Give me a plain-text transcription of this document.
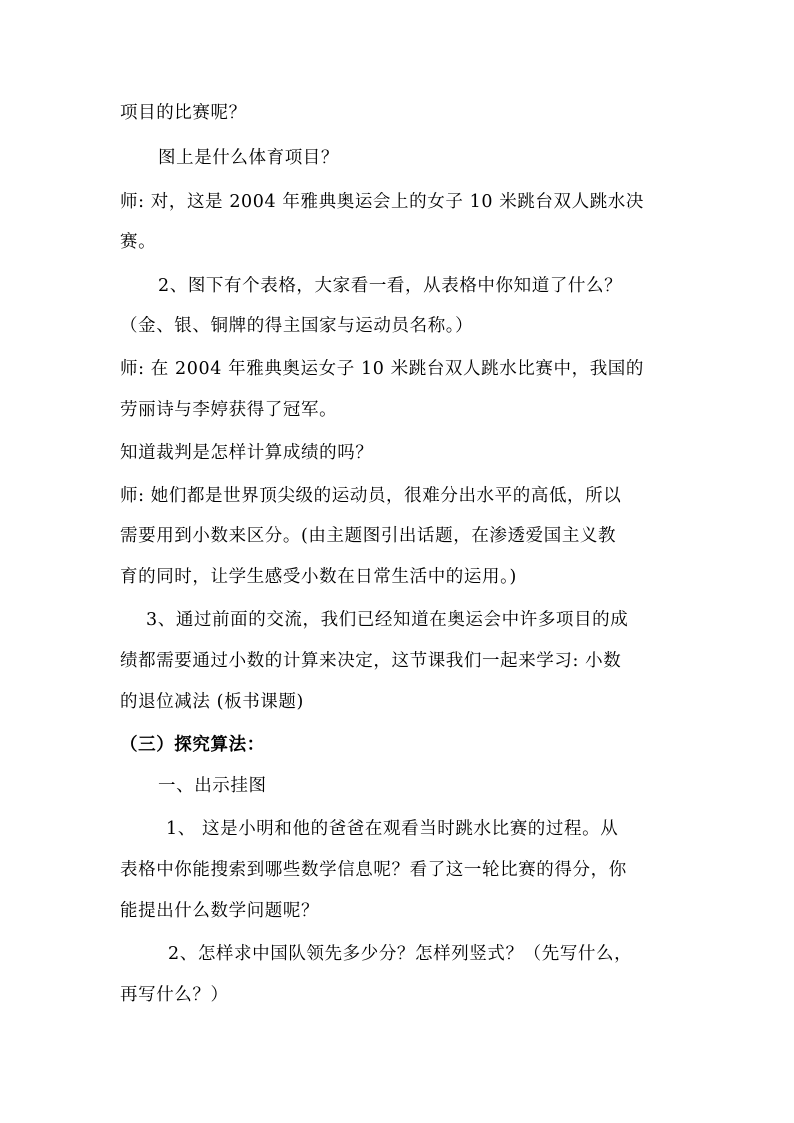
项目的比赛呢？
图上是什么体育项目？
师: 对，这是 2004 年雅典奥运会上的女子 10 米跳台双人跳水决
赛。
2、图下有个表格，大家看一看，从表格中你知道了什么？
（金、银、铜牌的得主国家与运动员名称。）
师: 在 2004 年雅典奥运女子 10 米跳台双人跳水比赛中，我国的
劳丽诗与李婷获得了冠军。
知道裁判是怎样计算成绩的吗？
师: 她们都是世界顶尖级的运动员，很难分出水平的高低，所以
需要用到小数来区分。(由主题图引出话题，在渗透爱国主义教
育的同时，让学生感受小数在日常生活中的运用。)
3、通过前面的交流，我们已经知道在奥运会中许多项目的成
绩都需要通过小数的计算来决定，这节课我们一起来学习: 小数
的退位减法 (板书课题)
（三）探究算法：
一、出示挂图
1、 这是小明和他的爸爸在观看当时跳水比赛的过程。从
表格中你能搜索到哪些数学信息呢？看了这一轮比赛的得分，你
能提出什么数学问题呢？
2、怎样求中国队领先多少分？怎样列竖式？（先写什么，
再写什么？）
